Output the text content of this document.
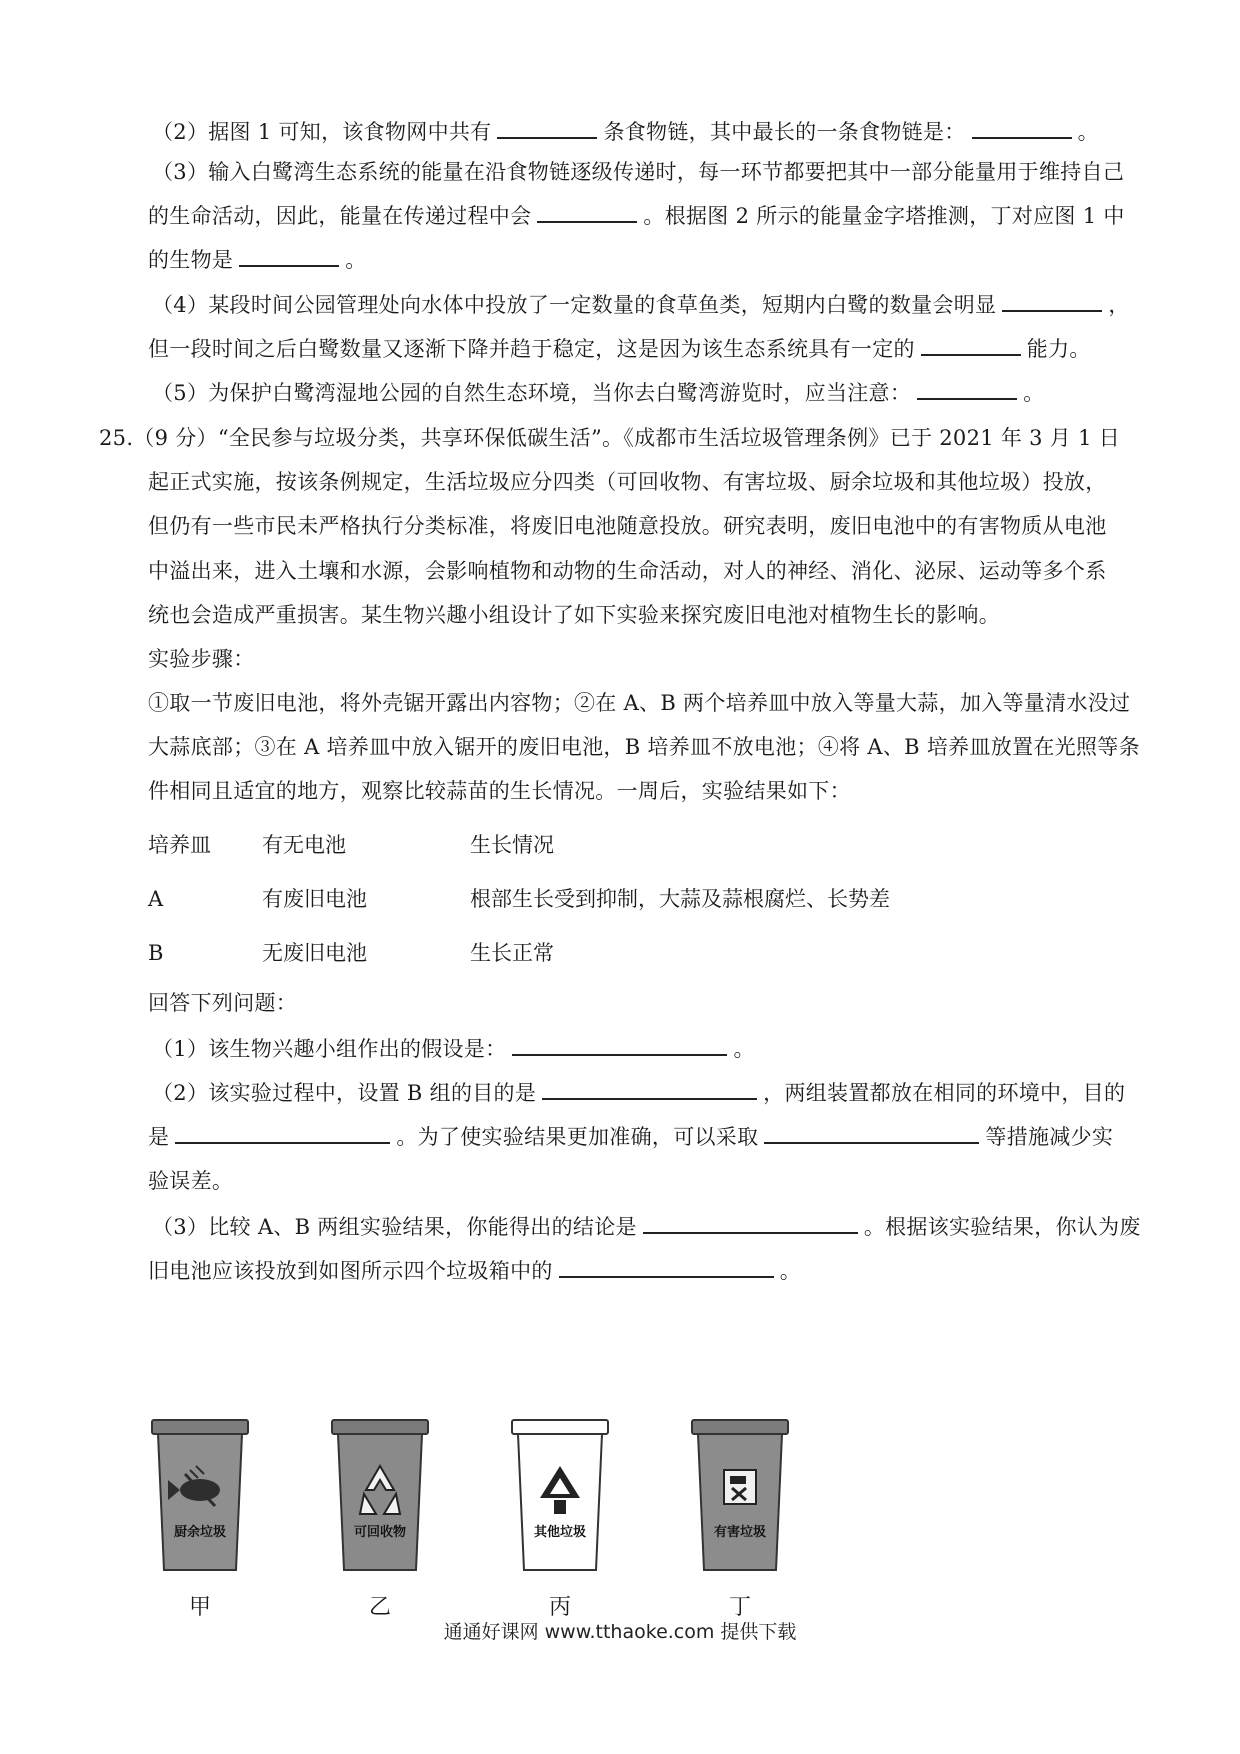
（2）据图 1 可知，该食物网中共有	条食物链，其中最长的一条食物链是：	。
（3）输入白鹭湾生态系统的能量在沿食物链逐级传递时，每一环节都要把其中一部分能量用于维持自己
的生命活动，因此，能量在传递过程中会	。根据图 2 所示的能量金字塔推测，丁对应图 1 中
的生物是	。
（4）某段时间公园管理处向水体中投放了一定数量的食草鱼类，短期内白鹭的数量会明显	，
但一段时间之后白鹭数量又逐渐下降并趋于稳定，这是因为该生态系统具有一定的	能力。
（5）为保护白鹭湾湿地公园的自然生态环境，当你去白鹭湾游览时，应当注意：	。
25.（9 分）“全民参与垃圾分类，共享环保低碳生活”。《成都市生活垃圾管理条例》已于 2021 年 3 月 1 日
起正式实施，按该条例规定，生活垃圾应分四类（可回收物、有害垃圾、厨余垃圾和其他垃圾）投放，
但仍有一些市民未严格执行分类标准，将废旧电池随意投放。研究表明，废旧电池中的有害物质从电池
中溢出来，进入土壤和水源，会影响植物和动物的生命活动，对人的神经、消化、泌尿、运动等多个系
统也会造成严重损害。某生物兴趣小组设计了如下实验来探究废旧电池对植物生长的影响。
实验步骤：
①取一节废旧电池，将外壳锯开露出内容物；②在 A、B 两个培养皿中放入等量大蒜，加入等量清水没过
大蒜底部；③在 A 培养皿中放入锯开的废旧电池，B 培养皿不放电池；④将 A、B 培养皿放置在光照等条
件相同且适宜的地方，观察比较蒜苗的生长情况。一周后，实验结果如下：
培养皿 有无电池	生长情况
A	有废旧电池	根部生长受到抑制，大蒜及蒜根腐烂、长势差
B	无废旧电池	生长正常
回答下列问题：
（1）该生物兴趣小组作出的假设是：	。
（2）该实验过程中，设置 B 组的目的是	，两组装置都放在相同的环境中，目的
是	。为了使实验结果更加准确，可以采取	等措施减少实
验误差。
（3）比较 A、B 两组实验结果，你能得出的结论是	。根据该实验结果，你认为废
旧电池应该投放到如图所示四个垃圾箱中的	。
厨余垃圾
甲
可回收物
乙
其他垃圾
丙
有害垃圾
丁
通通好课网 www.tthaoke.com 提供下载
